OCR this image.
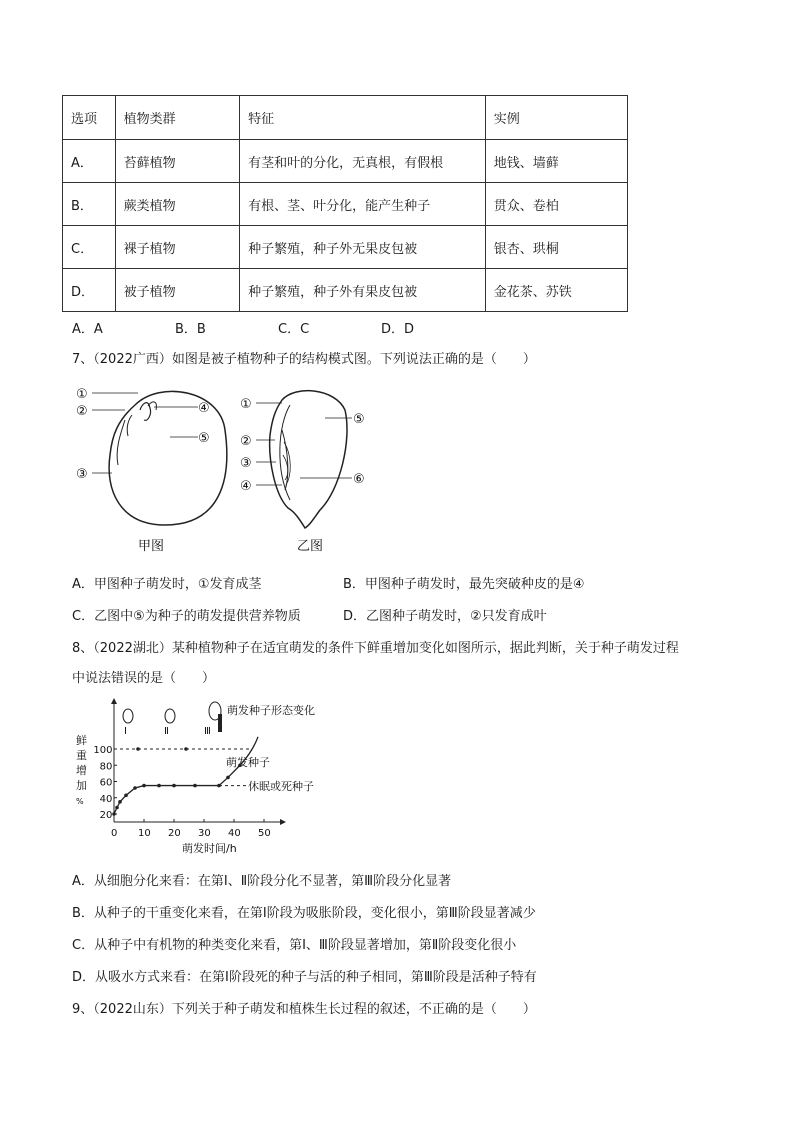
选项	植物类群	特征	实例
A．	苔藓植物	有茎和叶的分化，无真根，有假根	地钱、墙藓
B．	蕨类植物	有根、茎、叶分化，能产生种子	贯众、卷柏
C．	裸子植物	种子繁殖，种子外无果皮包被	银杏、珙桐
D．	被子植物	种子繁殖，种子外有果皮包被	金花茶、苏铁
A．A	B．B	C．C	D．D
7、（2022广西）如图是被子植物种子的结构模式图。下列说法正确的是（　　）
①
②
③
④
⑤
甲图
①
②
③
④
⑤
⑥
乙图
A．甲图种子萌发时，①发育成茎	B．甲图种子萌发时，最先突破种皮的是④
C．乙图中⑤为种子的萌发提供营养物质	D．乙图种子萌发时，②只发育成叶
8、（2022湖北）某种植物种子在适宜萌发的条件下鲜重增加变化如图所示，据此判断，关于种子萌发过程
中说法错误的是（　　）
鲜
重
增
加
%
0 10 20 30 40 50
20
40
60
80
100
Ⅰ	Ⅱ	Ⅲ
萌发种子形态变化
萌发种子
休眠或死种子
萌发时间/h
A．从细胞分化来看：在第Ⅰ、Ⅱ阶段分化不显著，第Ⅲ阶段分化显著
B．从种子的干重变化来看，在第Ⅰ阶段为吸胀阶段，变化很小，第Ⅲ阶段显著减少
C．从种子中有机物的种类变化来看，第Ⅰ、Ⅲ阶段显著增加，第Ⅱ阶段变化很小
D．从吸水方式来看：在第Ⅰ阶段死的种子与活的种子相同，第Ⅲ阶段是活种子特有
9、（2022山东）下列关于种子萌发和植株生长过程的叙述，不正确的是（　　）
